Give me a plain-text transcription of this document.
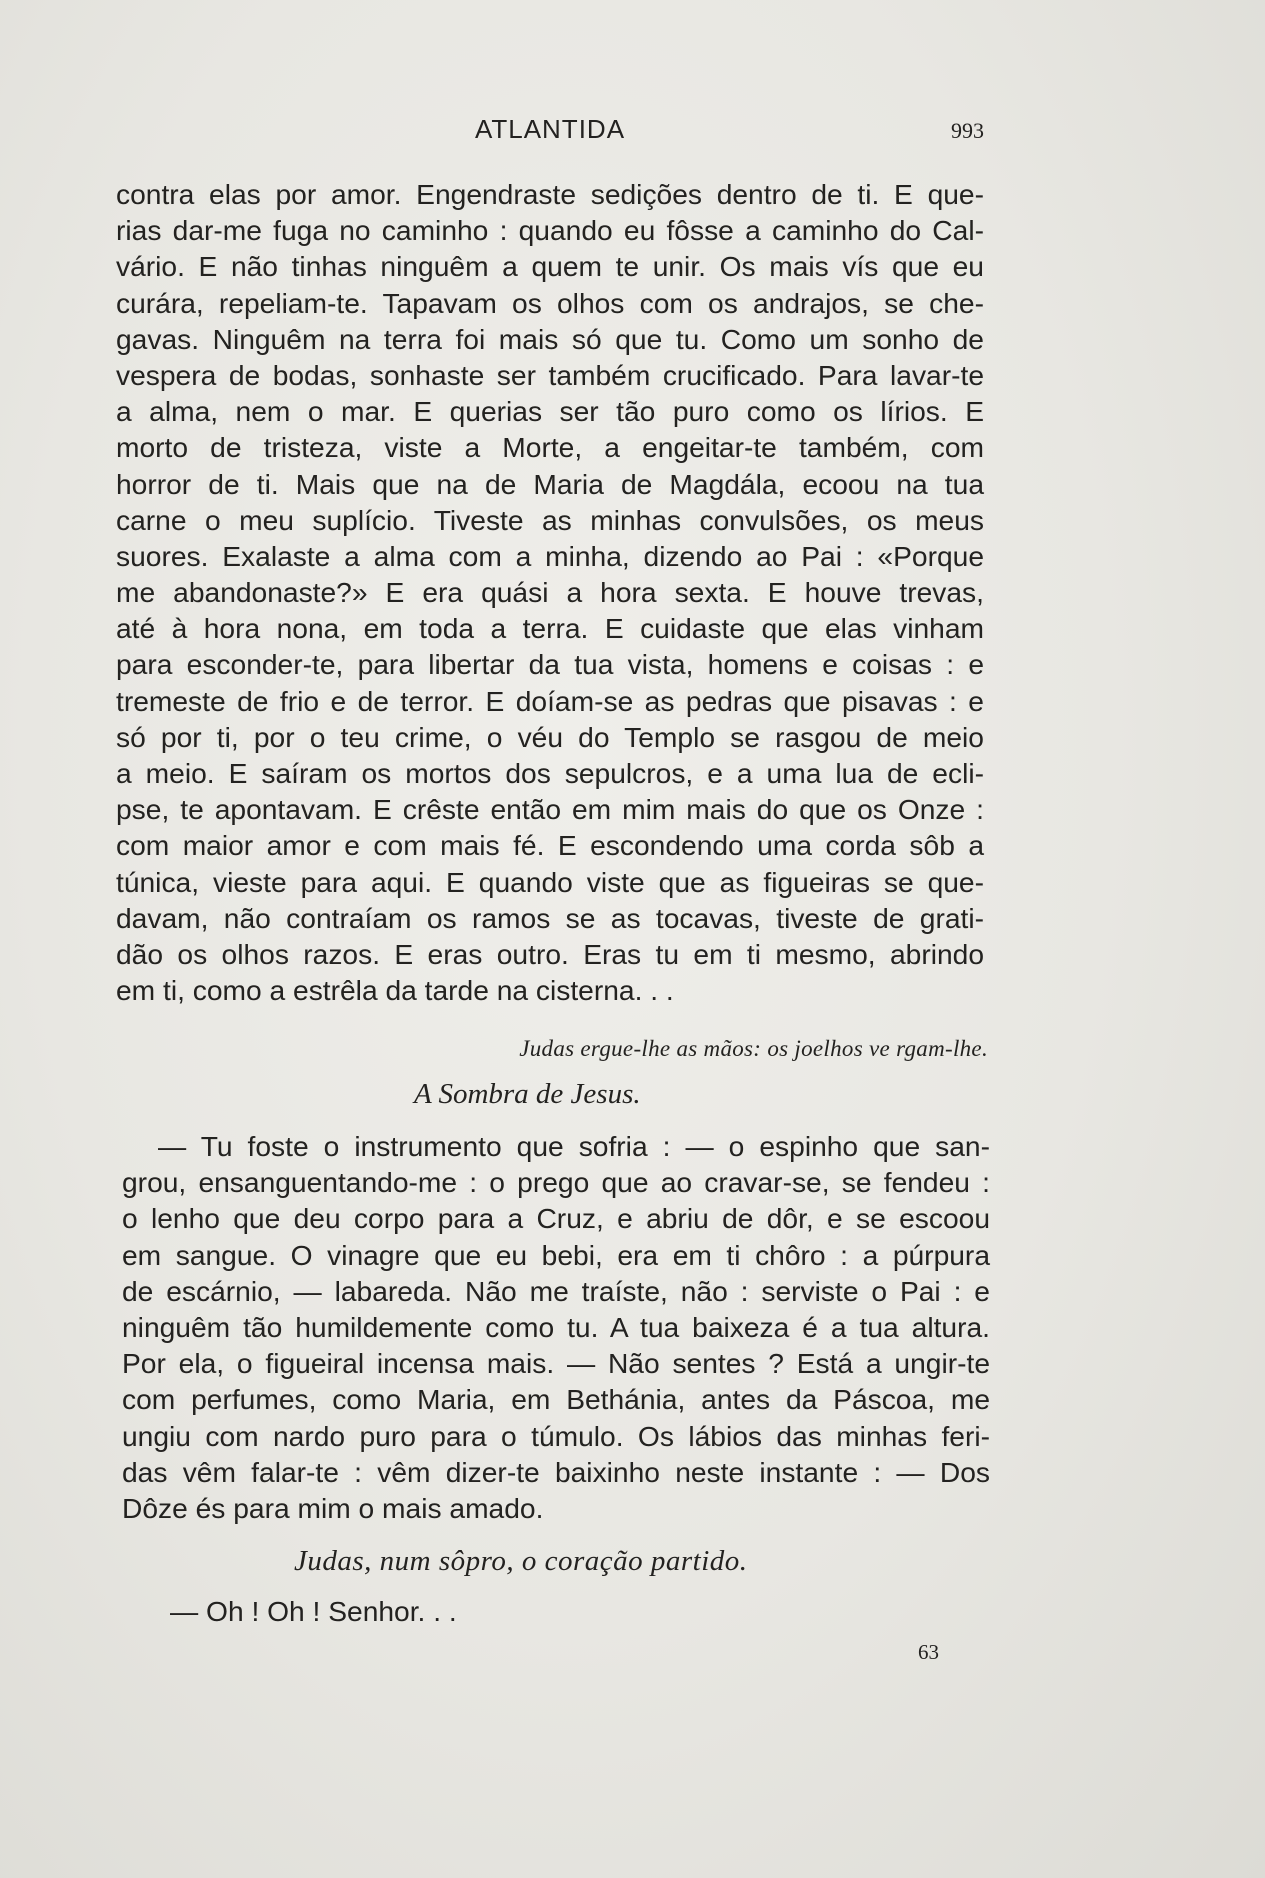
ATLANTIDA	993
contra elas por amor. Engendraste sedições dentro de ti. E que-
rias dar-me fuga no caminho : quando eu fôsse a caminho do Cal-
vário. E não tinhas ninguêm a quem te unir. Os mais vís que eu
curára, repeliam-te. Tapavam os olhos com os andrajos, se che-
gavas. Ninguêm na terra foi mais só que tu. Como um sonho de
vespera de bodas, sonhaste ser também crucificado. Para lavar-te
a alma, nem o mar. E querias ser tão puro como os lírios. E
morto de tristeza, viste a Morte, a engeitar-te também, com
horror de ti. Mais que na de Maria de Magdála, ecoou na tua
carne o meu suplício. Tiveste as minhas convulsões, os meus
suores. Exalaste a alma com a minha, dizendo ao Pai : «Porque
me abandonaste?» E era quási a hora sexta. E houve trevas,
até à hora nona, em toda a terra. E cuidaste que elas vinham
para esconder-te, para libertar da tua vista, homens e coisas : e
tremeste de frio e de terror. E doíam-se as pedras que pisavas : e
só por ti, por o teu crime, o véu do Templo se rasgou de meio
a meio. E saíram os mortos dos sepulcros, e a uma lua de ecli-
pse, te apontavam. E crêste então em mim mais do que os Onze :
com maior amor e com mais fé. E escondendo uma corda sôb a
túnica, vieste para aqui. E quando viste que as figueiras se que-
davam, não contraíam os ramos se as tocavas, tiveste de grati-
dão os olhos razos. E eras outro. Eras tu em ti mesmo, abrindo
em ti, como a estrêla da tarde na cisterna. . .
Judas ergue-lhe as mãos: os joelhos ve rgam-lhe.
A Sombra de Jesus.
— Tu foste o instrumento que sofria : — o espinho que san-
grou, ensanguentando-me : o prego que ao cravar-se, se fendeu :
o lenho que deu corpo para a Cruz, e abriu de dôr, e se escoou
em sangue. O vinagre que eu bebi, era em ti chôro : a púrpura
de escárnio, — labareda. Não me traíste, não : serviste o Pai : e
ninguêm tão humildemente como tu. A tua baixeza é a tua altura.
Por ela, o figueiral incensa mais. — Não sentes ? Está a ungir-te
com perfumes, como Maria, em Bethánia, antes da Páscoa, me
ungiu com nardo puro para o túmulo. Os lábios das minhas feri-
das vêm falar-te : vêm dizer-te baixinho neste instante : — Dos
Dôze és para mim o mais amado.
Judas, num sôpro, o coração partido.
— Oh ! Oh ! Senhor. . .
63
